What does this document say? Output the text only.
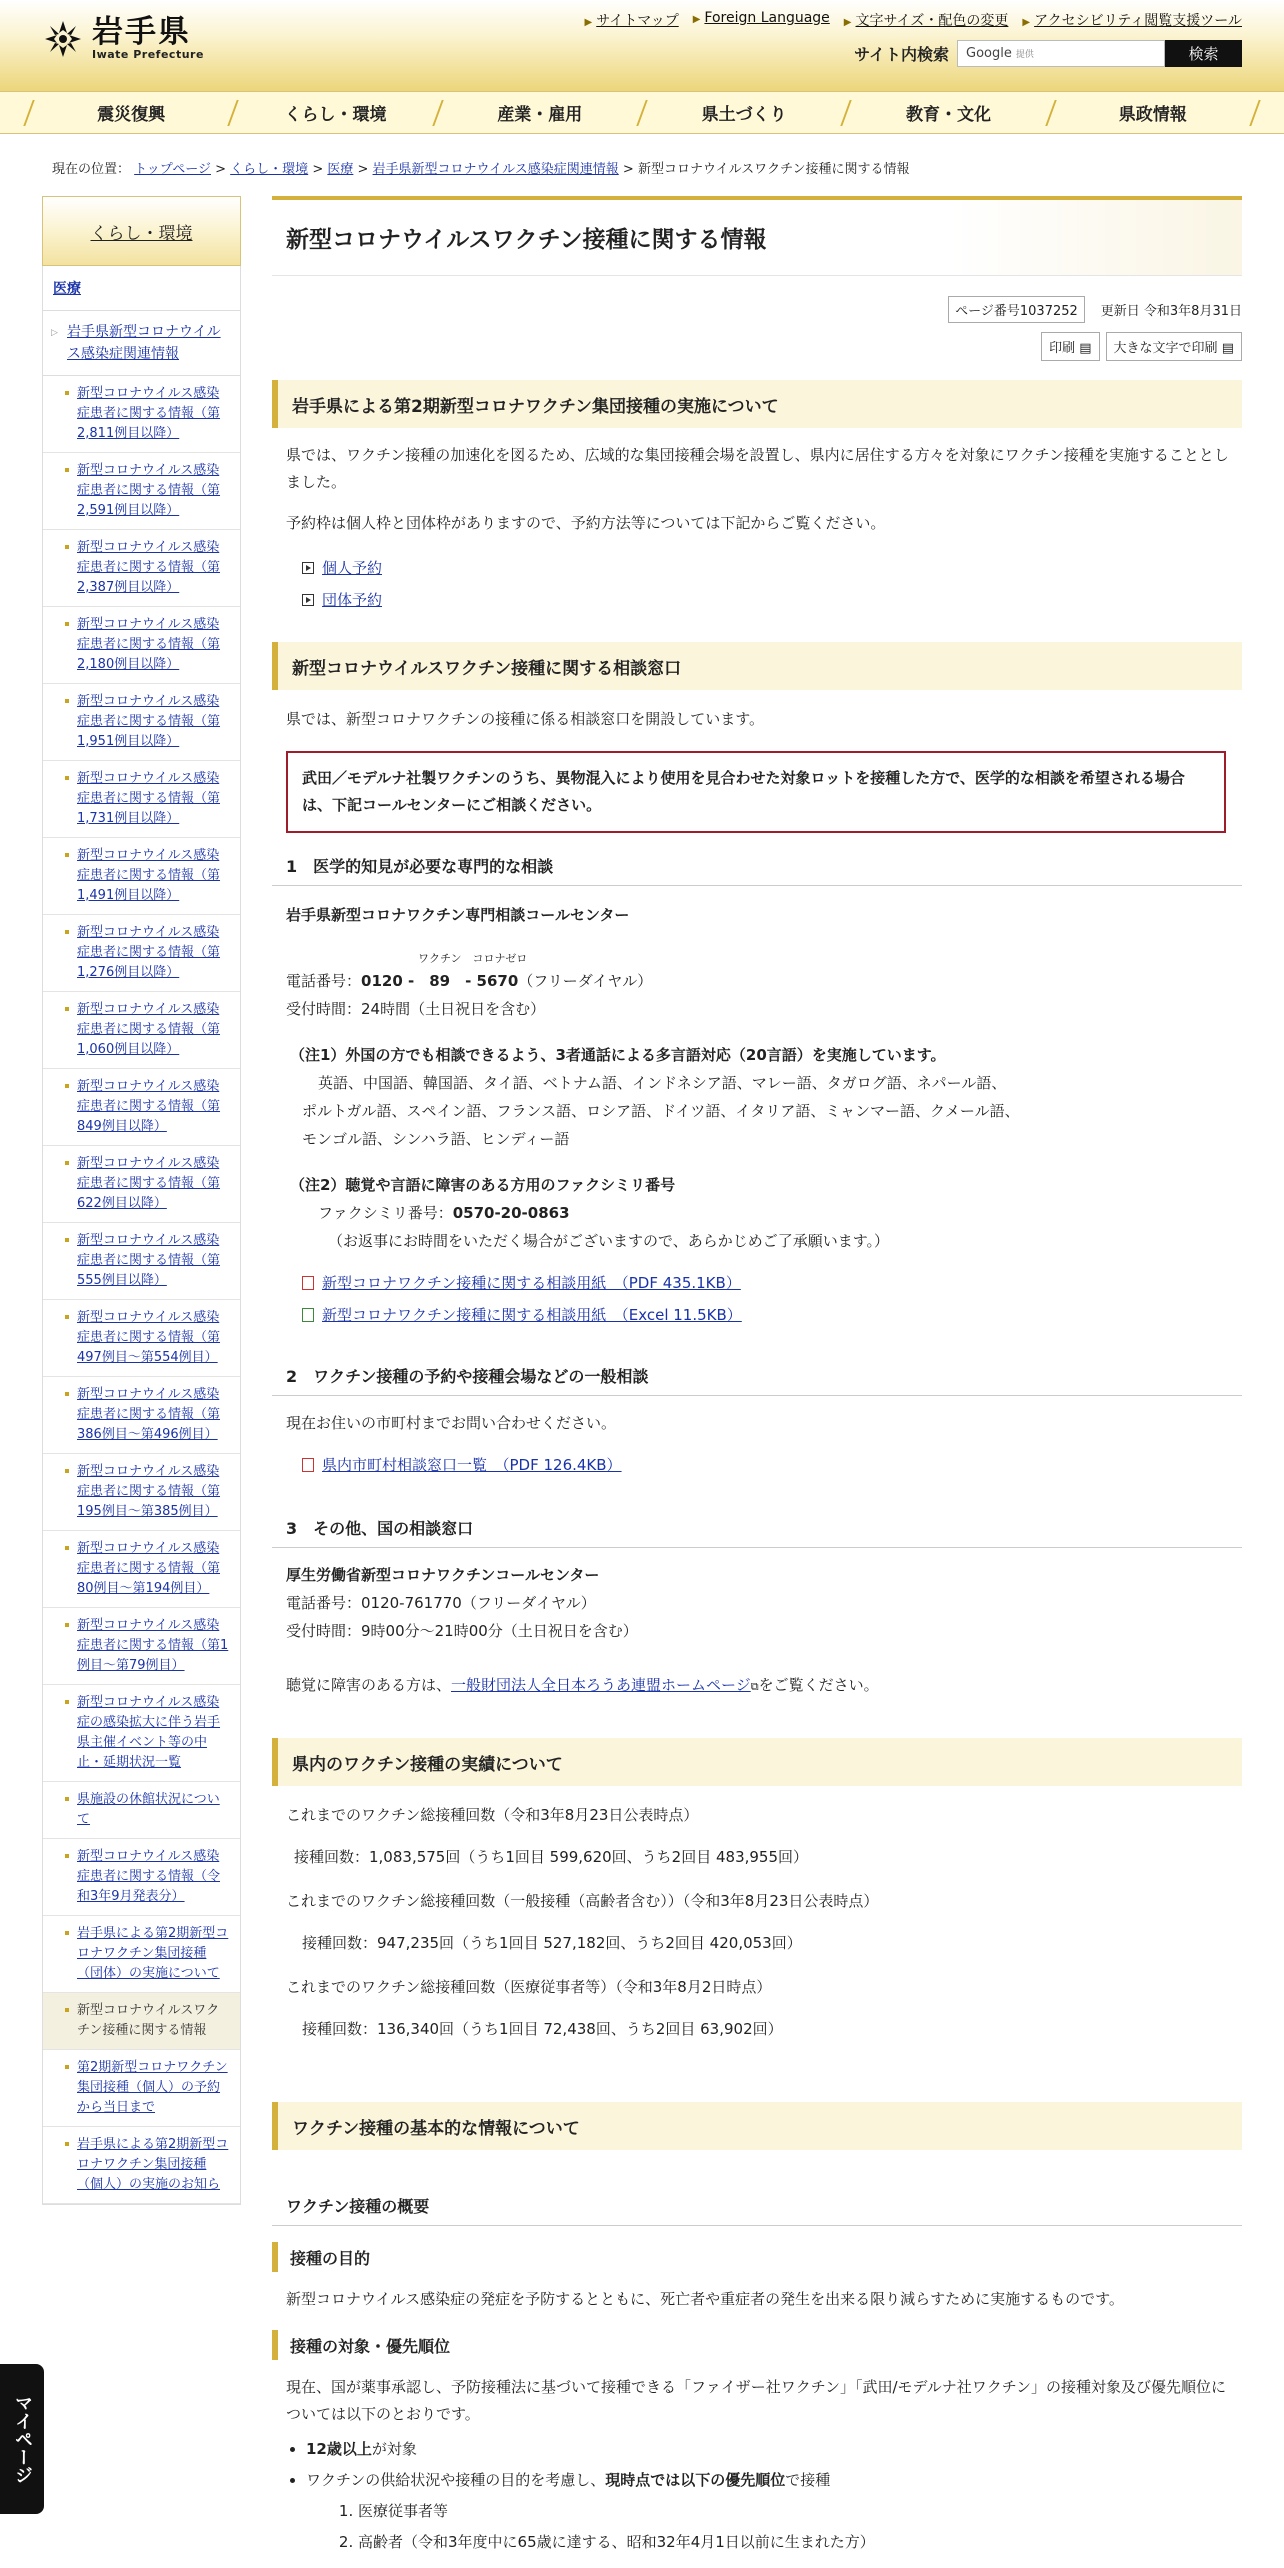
岩手県
Iwate Prefecture
▶ サイトマップ ▶ Foreign Language ▶ 文字サイズ・配色の変更 ▶ アクセシビリティ閲覧支援ツール
サイト内検索 Google 提供	検索
震災復興	くらし・環境	産業・雇用	県土づくり	教育・文化	県政情報
現在の位置： トップページ > くらし・環境 > 医療 > 岩手県新型コロナウイルス感染症関連情報 > 新型コロナウイルスワクチン接種に関する情報
くらし・環境
医療
▷ 岩手県新型コロナウイルス感染症関連情報
新型コロナウイルス感染症患者に関する情報（第2,811例目以降）
新型コロナウイルス感染症患者に関する情報（第2,591例目以降）
新型コロナウイルス感染症患者に関する情報（第2,387例目以降）
新型コロナウイルス感染症患者に関する情報（第2,180例目以降）
新型コロナウイルス感染症患者に関する情報（第1,951例目以降）
新型コロナウイルス感染症患者に関する情報（第1,731例目以降）
新型コロナウイルス感染症患者に関する情報（第1,491例目以降）
新型コロナウイルス感染症患者に関する情報（第1,276例目以降）
新型コロナウイルス感染症患者に関する情報（第1,060例目以降）
新型コロナウイルス感染症患者に関する情報（第849例目以降）
新型コロナウイルス感染症患者に関する情報（第622例目以降）
新型コロナウイルス感染症患者に関する情報（第555例目以降）
新型コロナウイルス感染症患者に関する情報（第497例目～第554例目）
新型コロナウイルス感染症患者に関する情報（第386例目～第496例目）
新型コロナウイルス感染症患者に関する情報（第195例目～第385例目）
新型コロナウイルス感染症患者に関する情報（第80例目～第194例目）
新型コロナウイルス感染症患者に関する情報（第1例目～第79例目）
新型コロナウイルス感染症の感染拡大に伴う岩手県主催イベント等の中止・延期状況一覧
県施設の休館状況について
新型コロナウイルス感染症患者に関する情報（令和3年9月発表分）
岩手県による第2期新型コロナワクチン集団接種（団体）の実施について
新型コロナウイルスワクチン接種に関する情報
第2期新型コロナワクチン集団接種（個人）の予約から当日まで
岩手県による第2期新型コロナワクチン集団接種（個人）の実施のお知ら
マイページ
新型コロナウイルスワクチン接種に関する情報
ページ番号1037252	更新日 令和3年8月31日
印刷 ▤	大きな文字で印刷 ▤
岩手県による第2期新型コロナワクチン集団接種の実施について
県では、ワクチン接種の加速化を図るため、広域的な集団接種会場を設置し、県内に居住する方々を対象にワクチン接種を実施することとしました。
予約枠は個人枠と団体枠がありますので、予約方法等については下記からご覧ください。
個人予約
団体予約
新型コロナウイルスワクチン接種に関する相談窓口
県では、新型コロナワクチンの接種に係る相談窓口を開設しています。
武田／モデルナ社製ワクチンのうち、異物混入により使用を見合わせた対象ロットを接種した方で、医学的な相談を希望される場合は、下記コールセンターにご相談ください。
1　医学的知見が必要な専門的な相談
岩手県新型コロナワクチン専門相談コールセンター
ワクチン　コロナゼロ
電話番号：0120 -　89　- 5670（フリーダイヤル）
受付時間：24時間（土日祝日を含む）
（注1）外国の方でも相談できるよう、3者通話による多言語対応（20言語）を実施しています。
英語、中国語、韓国語、タイ語、ベトナム語、インドネシア語、マレー語、タガログ語、ネパール語、
ポルトガル語、スペイン語、フランス語、ロシア語、ドイツ語、イタリア語、ミャンマー語、クメール語、
モンゴル語、シンハラ語、ヒンディー語
（注2）聴覚や言語に障害のある方用のファクシミリ番号
ファクシミリ番号：0570-20-0863
（お返事にお時間をいただく場合がございますので、あらかじめご了承願います。）
新型コロナワクチン接種に関する相談用紙　（PDF 435.1KB）
新型コロナワクチン接種に関する相談用紙　（Excel 11.5KB）
2　ワクチン接種の予約や接種会場などの一般相談
現在お住いの市町村までお問い合わせください。
県内市町村相談窓口一覧　（PDF 126.4KB）
3　その他、国の相談窓口
厚生労働省新型コロナワクチンコールセンター
電話番号：0120-761770（フリーダイヤル）
受付時間：9時00分～21時00分（土日祝日を含む）
聴覚に障害のある方は、一般財団法人全日本ろうあ連盟ホームページ⧉をご覧ください。
県内のワクチン接種の実績について
これまでのワクチン総接種回数（令和3年8月23日公表時点）
接種回数：1,083,575回（うち1回目 599,620回、うち2回目 483,955回）
これまでのワクチン総接種回数（一般接種（高齢者含む））（令和3年8月23日公表時点）
接種回数：947,235回（うち1回目 527,182回、うち2回目 420,053回）
これまでのワクチン総接種回数（医療従事者等）（令和3年8月2日時点）
接種回数：136,340回（うち1回目 72,438回、うち2回目 63,902回）
ワクチン接種の基本的な情報について
ワクチン接種の概要
接種の目的
新型コロナウイルス感染症の発症を予防するとともに、死亡者や重症者の発生を出来る限り減らすために実施するものです。
接種の対象・優先順位
現在、国が薬事承認し、予防接種法に基づいて接種できる「ファイザー社ワクチン」「武田/モデルナ社ワクチン」の接種対象及び優先順位については以下のとおりです。
• 12歳以上が対象
• ワクチンの供給状況や接種の目的を考慮し、現時点では以下の優先順位で接種
1. 医療従事者等
2. 高齢者（令和3年度中に65歳に達する、昭和32年4月1日以前に生まれた方）
